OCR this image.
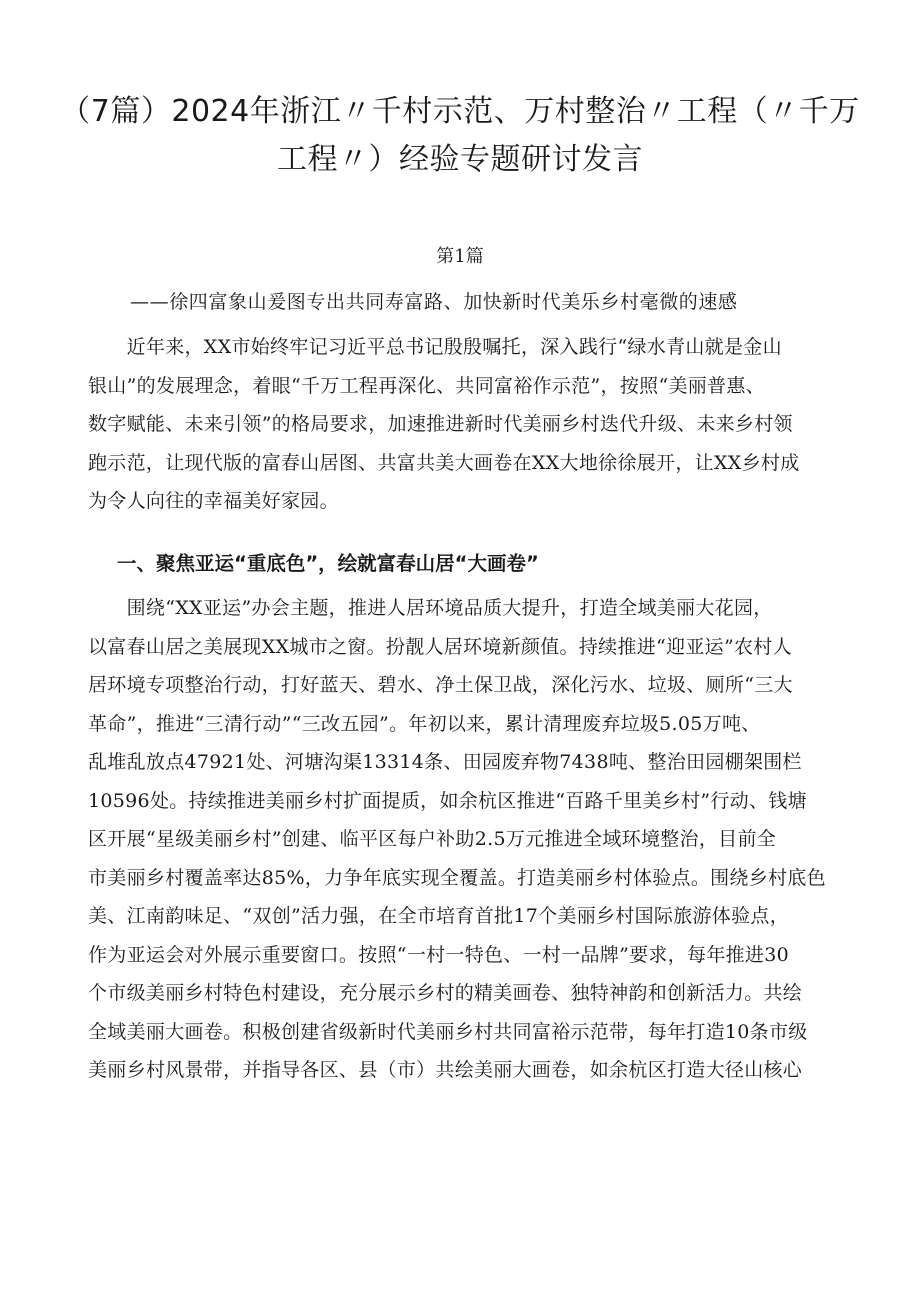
（7篇）2024年浙江〃千村示范、万村整治〃工程（〃千万
工程〃）经验专题研讨发言
第1篇
——徐四富象山爰图专出共同寿富路、加快新时代美乐乡村毫微的速感
　　近年来，XX市始终牢记习近平总书记殷殷嘱托，深入践行“绿水青山就是金山
银山”的发展理念，着眼“千万工程再深化、共同富裕作示范”，按照“美丽普惠、
数字赋能、未来引领”的格局要求，加速推进新时代美丽乡村迭代升级、未来乡村领
跑示范，让现代版的富春山居图、共富共美大画卷在XX大地徐徐展开，让XX乡村成
为令人向往的幸福美好家园。
一、聚焦亚运“重底色”，绘就富春山居“大画卷”
　　围绕“XX亚运”办会主题，推进人居环境品质大提升，打造全域美丽大花园，
以富春山居之美展现XX城市之窗。扮靓人居环境新颜值。持续推进“迎亚运”农村人
居环境专项整治行动，打好蓝天、碧水、净土保卫战，深化污水、垃圾、厕所“三大
革命”，推进“三清行动”“三改五园”。年初以来，累计清理废弃垃圾5.05万吨、
乱堆乱放点47921处、河塘沟渠13314条、田园废弃物7438吨、整治田园棚架围栏
10596处。持续推进美丽乡村扩面提质，如余杭区推进“百路千里美乡村”行动、钱塘
区开展“星级美丽乡村”创建、临平区每户补助2.5万元推进全域环境整治，目前全
市美丽乡村覆盖率达85%，力争年底实现全覆盖。打造美丽乡村体验点。围绕乡村底色
美、江南韵味足、“双创”活力强，在全市培育首批17个美丽乡村国际旅游体验点，
作为亚运会对外展示重要窗口。按照“一村一特色、一村一品牌”要求，每年推进30
个市级美丽乡村特色村建设，充分展示乡村的精美画卷、独特神韵和创新活力。共绘
全域美丽大画卷。积极创建省级新时代美丽乡村共同富裕示范带，每年打造10条市级
美丽乡村风景带，并指导各区、县（市）共绘美丽大画卷，如余杭区打造大径山核心
